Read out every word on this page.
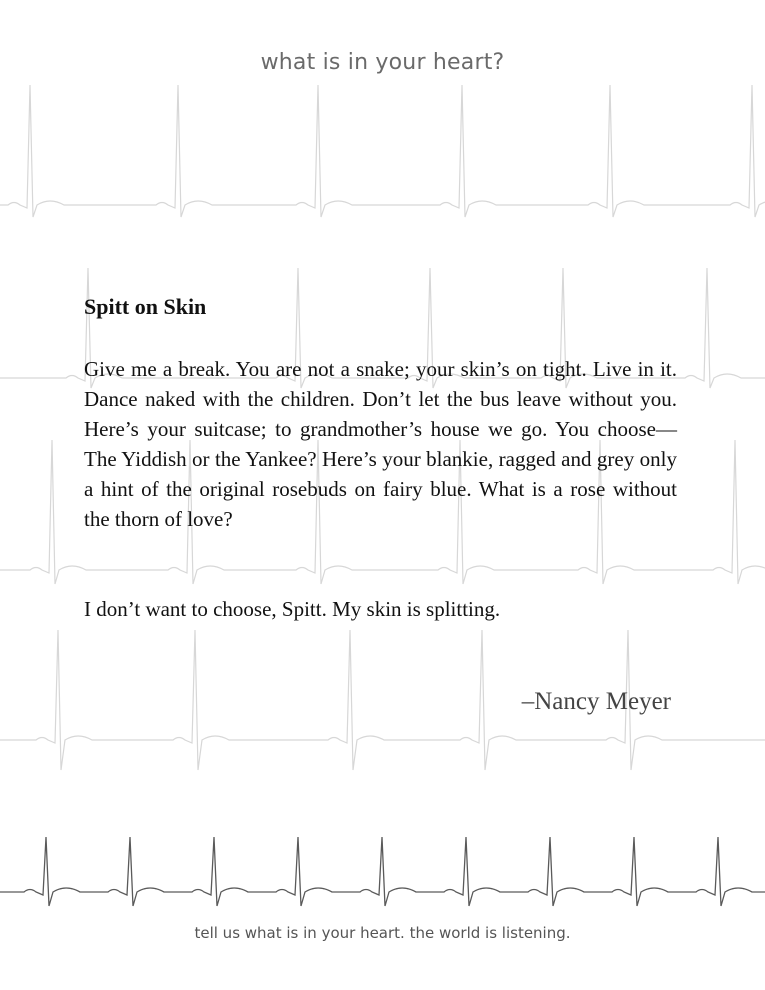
what is in your heart?
Spitt on Skin

Give me a break. You are not a snake; your skin’s on tight. Live in it. Dance naked with the children. Don’t let the bus leave without you. Here’s your suitcase; to grandmother’s house we go. You choose—The Yiddish or the Yankee? Here’s your blankie, ragged and grey only a hint of the original rosebuds on fairy blue. What is a rose without the thorn of love?

I don’t want to choose, Spitt. My skin is splitting.

–Nancy Meyer
tell us what is in your heart. the world is listening.
